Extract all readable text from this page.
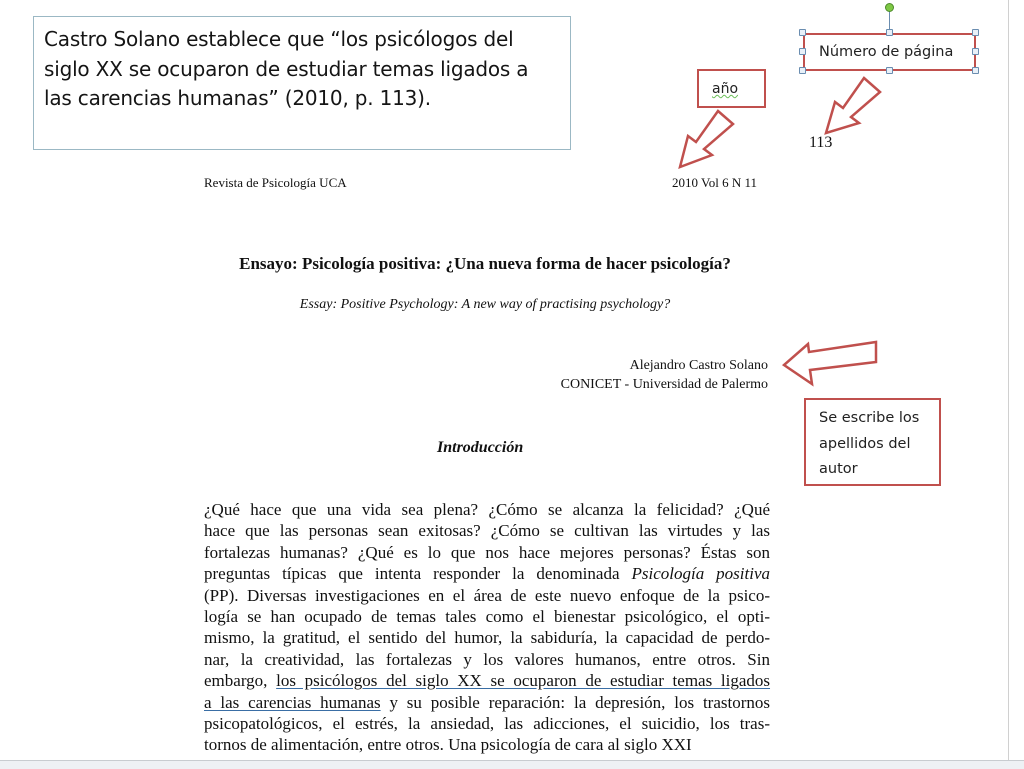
Castro Solano establece que “los psicólogos del
siglo XX se ocuparon de estudiar temas ligados a
las carencias humanas” (2010, p. 113).	año
Número de página
Se escribe los
apellidos del
autor
113
Revista de Psicología UCA	2010 Vol 6 N 11
Ensayo: Psicología positiva: ¿Una nueva forma de hacer psicología?
Essay: Positive Psychology: A new way of practising psychology?
Alejandro Castro Solano
CONICET - Universidad de Palermo
Introducción
¿Qué hace que una vida sea plena? ¿Cómo se alcanza la felicidad? ¿Qué
hace que las personas sean exitosas? ¿Cómo se cultivan las virtudes y las
fortalezas humanas? ¿Qué es lo que nos hace mejores personas? Éstas son
preguntas típicas que intenta responder la denominada Psicología positiva
(PP). Diversas investigaciones en el área de este nuevo enfoque de la psico-
logía se han ocupado de temas tales como el bienestar psicológico, el opti-
mismo, la gratitud, el sentido del humor, la sabiduría, la capacidad de perdo-
nar, la creatividad, las fortalezas y los valores humanos, entre otros. Sin
embargo, los psicólogos del siglo XX se ocuparon de estudiar temas ligados
a las carencias humanas y su posible reparación: la depresión, los trastornos
psicopatológicos, el estrés, la ansiedad, las adicciones, el suicidio, los tras-
tornos de alimentación, entre otros. Una psicología de cara al siglo XXI
